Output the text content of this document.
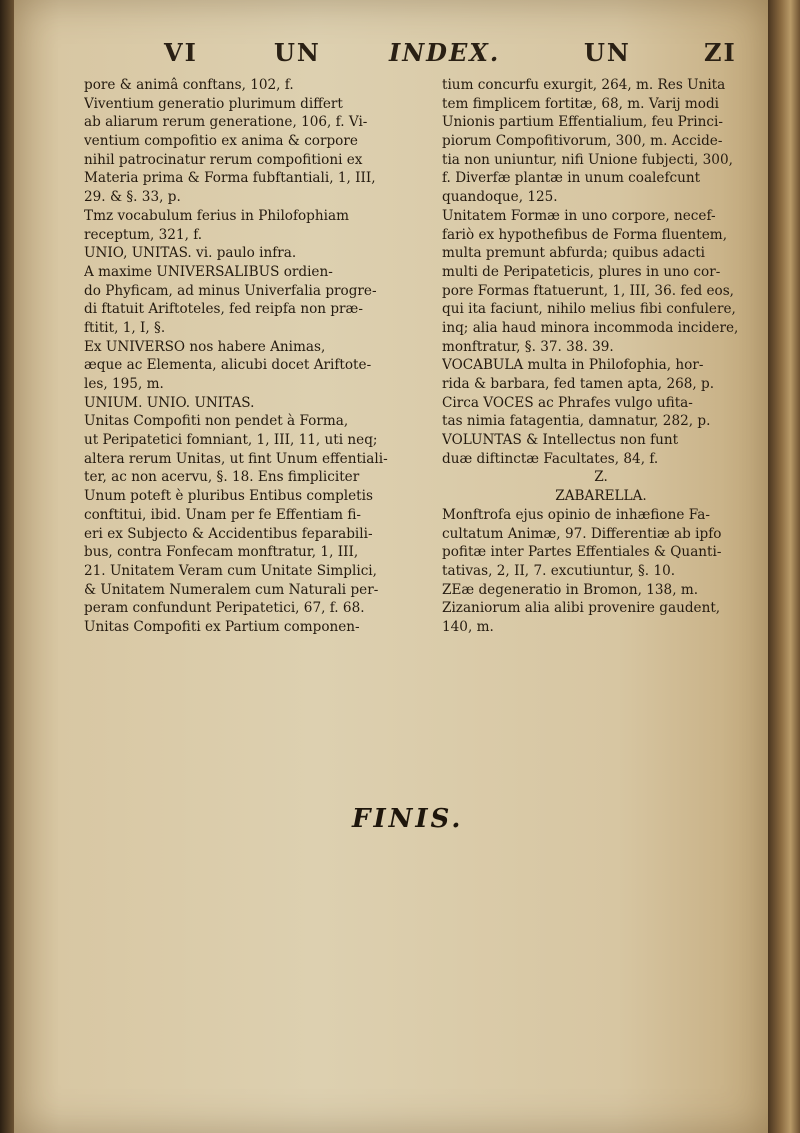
VI	UN	INDEX.	UN	ZI
pore & animâ conftans, 102, f.
Viventium generatio plurimum differt
ab aliarum rerum generatione, 106, f. Vi-
ventium compofitio ex anima & corpore
nihil patrocinatur rerum compofitioni ex
Materia prima & Forma fubftantiali, 1, III,
29. & §. 33, p.
Tmz vocabulum ferius in Philofophiam
receptum, 321, f.
UNIO, UNITAS. vi. paulo infra.
A maxime UNIVERSALIBUS ordien-
do Phyficam, ad minus Univerfalia progre-
di ftatuit Ariftoteles, fed reipfa non præ-
ftitit, 1, I, §.
Ex UNIVERSO nos habere Animas,
æque ac Elementa, alicubi docet Ariftote-
les, 195, m.
UNIUM. UNIO. UNITAS.
Unitas Compofiti non pendet à Forma,
ut Peripatetici fomniant, 1, III, 11, uti neq;
altera rerum Unitas, ut fint Unum effentiali-
ter, ac non acervu, §. 18. Ens fimpliciter
Unum poteft è pluribus Entibus completis
conftitui, ibid. Unam per fe Effentiam fi-
eri ex Subjecto & Accidentibus feparabili-
bus, contra Fonfecam monftratur, 1, III,
21. Unitatem Veram cum Unitate Simplici,
& Unitatem Numeralem cum Naturali per-
peram confundunt Peripatetici, 67, f. 68.
Unitas Compofiti ex Partium componen-
tium concurfu exurgit, 264, m. Res Unita
tem fimplicem fortitæ, 68, m. Varij modi
Unionis partium Effentialium, feu Princi-
piorum Compofitivorum, 300, m. Accide-
tia non uniuntur, nifi Unione fubjecti, 300,
f. Diverfæ plantæ in unum coalefcunt
quandoque, 125.
Unitatem Formæ in uno corpore, necef-
fariò ex hypothefibus de Forma fluentem,
multa premunt abfurda; quibus adacti
multi de Peripateticis, plures in uno cor-
pore Formas ftatuerunt, 1, III, 36. fed eos,
qui ita faciunt, nihilo melius fibi confulere,
inq; alia haud minora incommoda incidere,
monftratur, §. 37. 38. 39.
VOCABULA multa in Philofophia, hor-
rida & barbara, fed tamen apta, 268, p.
Circa VOCES ac Phrafes vulgo ufita-
tas nimia fatagentia, damnatur, 282, p.
VOLUNTAS & Intellectus non funt
duæ diftinctæ Facultates, 84, f.
Z.
ZABARELLA.
Monftrofa ejus opinio de inhæfione Fa-
cultatum Animæ, 97. Differentiæ ab ipfo
pofitæ inter Partes Effentiales & Quanti-
tativas, 2, II, 7. excutiuntur, §. 10.
ZEæ degeneratio in Bromon, 138, m.
Zizaniorum alia alibi provenire gaudent,
140, m.
FINIS.
